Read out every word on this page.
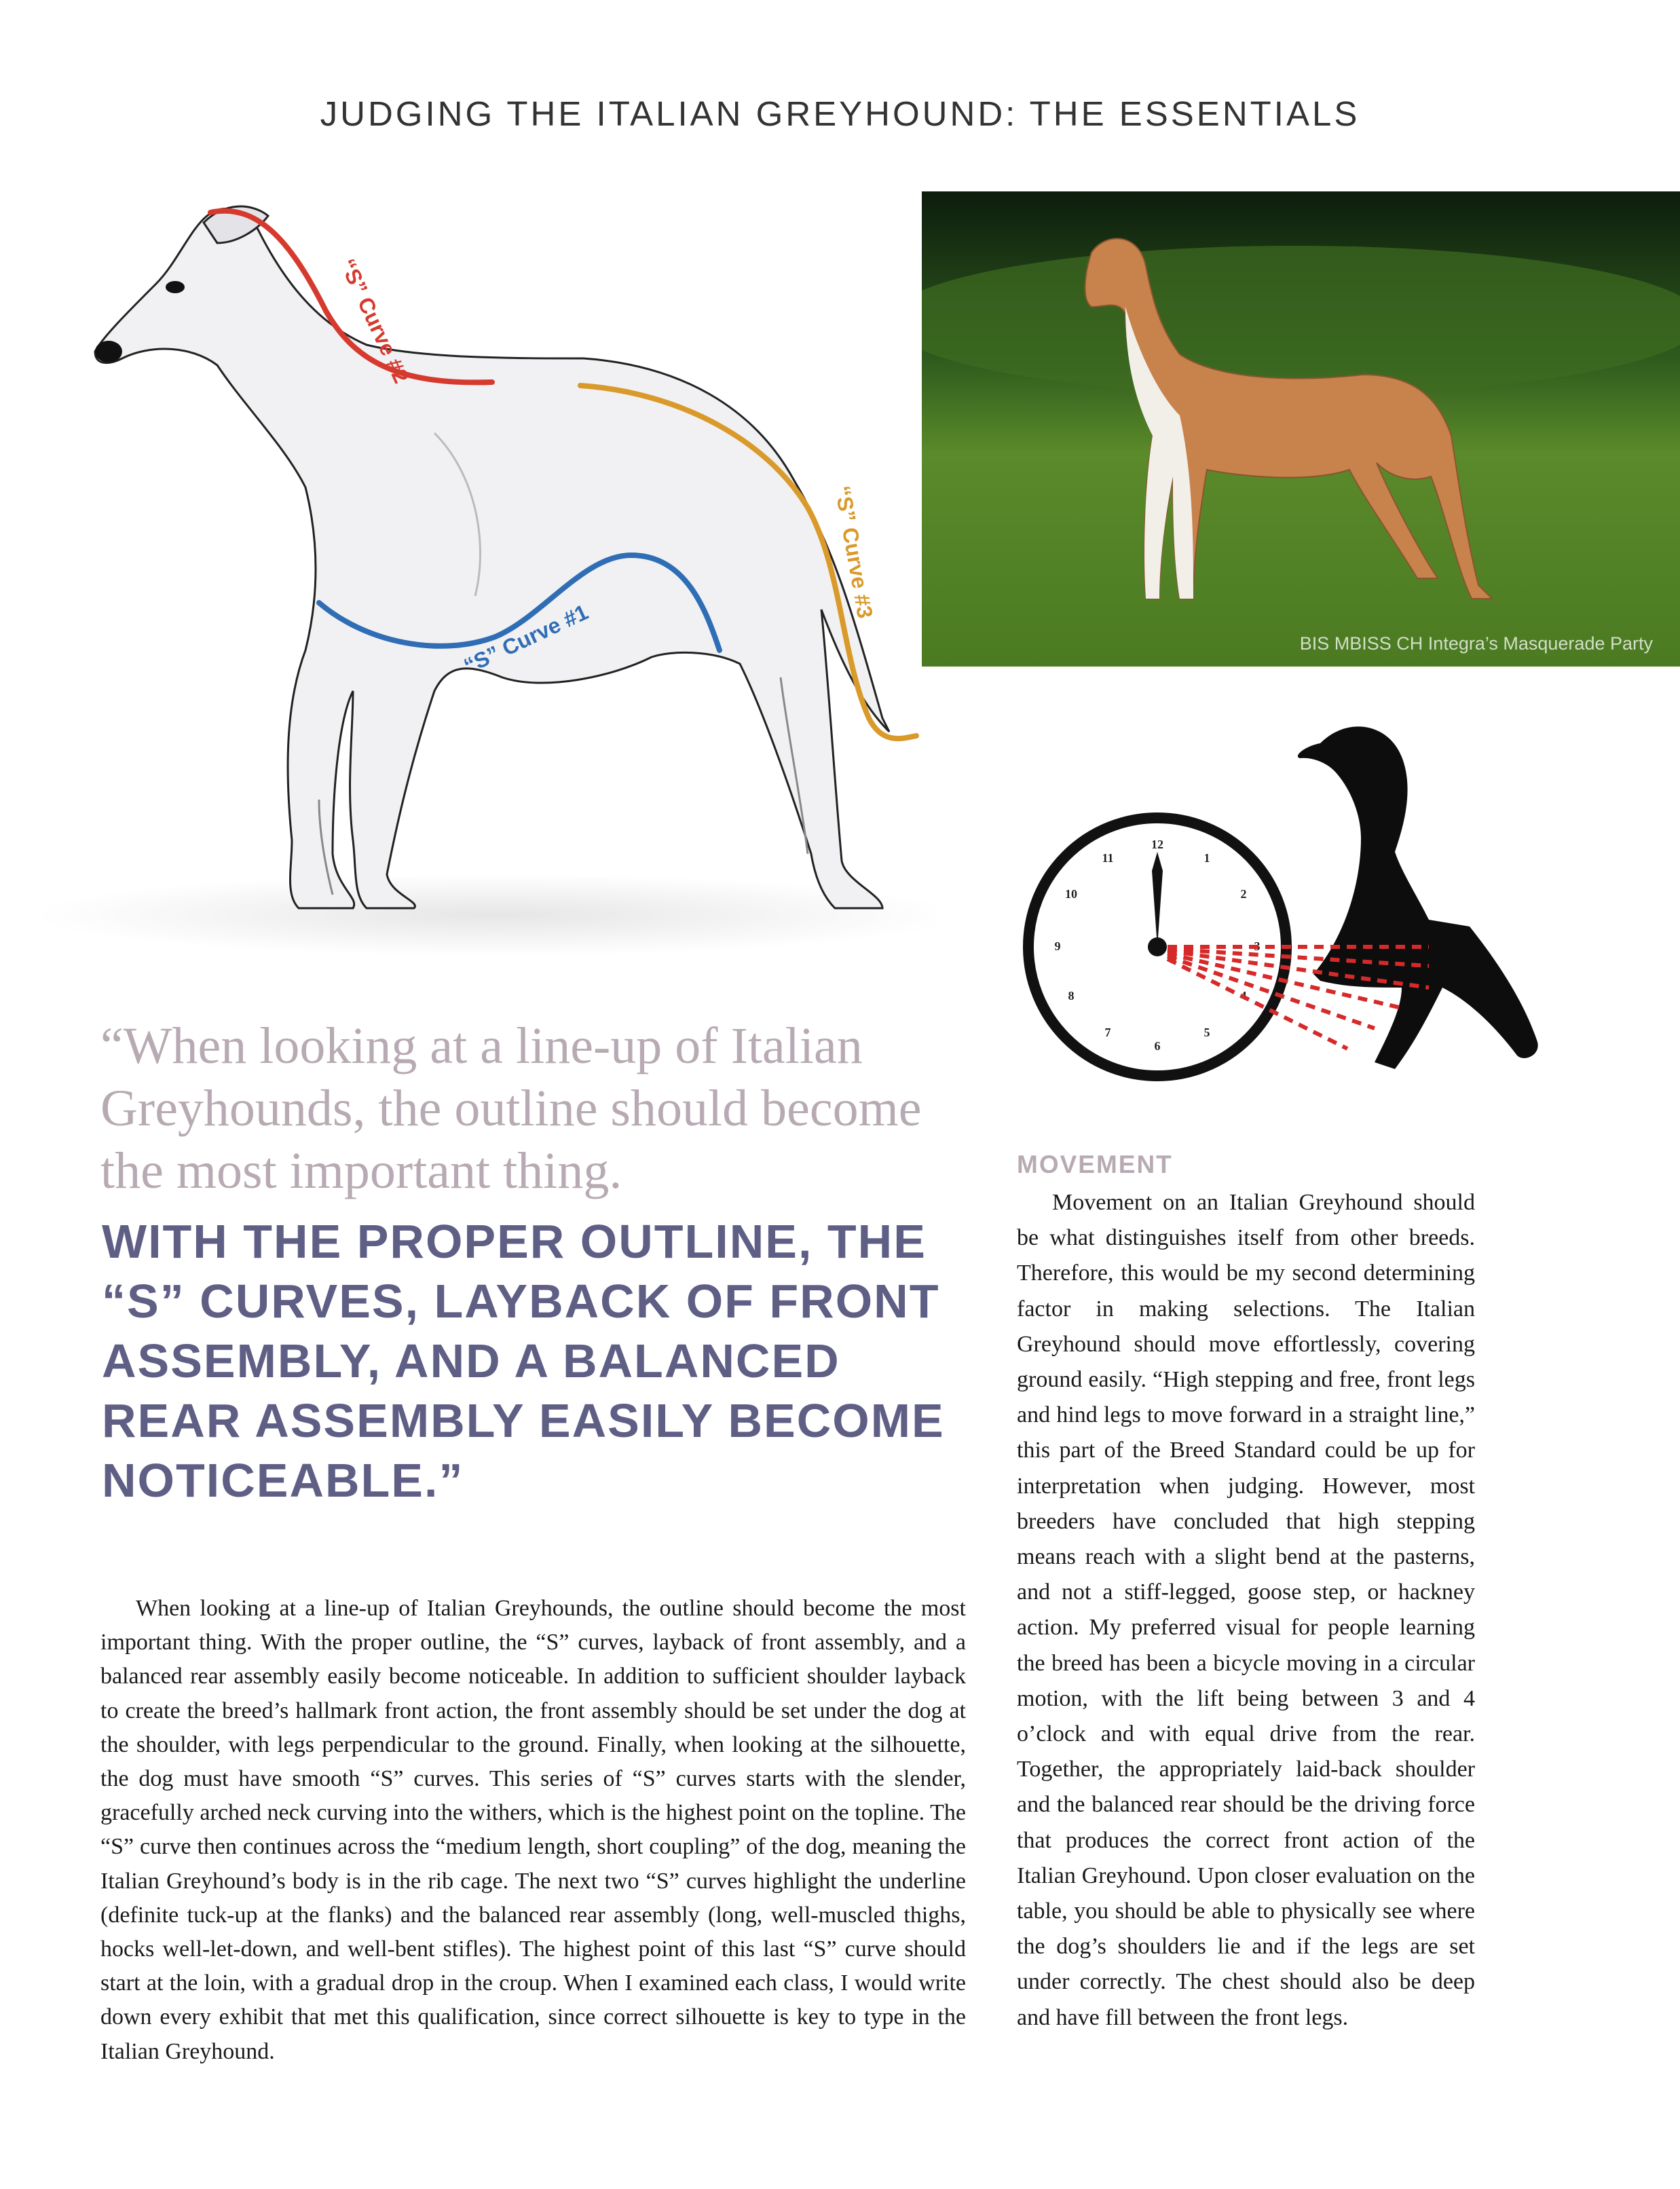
JUDGING THE ITALIAN GREYHOUND: THE ESSENTIALS
“S” Curve #2
“S” Curve #3
“S” Curve #1	BIS MBISS CH Integra’s Masquerade Party
12
1
2
3
4
5
6
7
8
9
10
11
“When looking at a line-up of Italian Greyhounds, the outline should become the most important thing.
WITH THE PROPER OUTLINE, THE “S” CURVES, LAYBACK OF FRONT ASSEMBLY, AND A BALANCED REAR ASSEMBLY EASILY BECOME NOTICEABLE.”

When looking at a line-up of Italian Greyhounds, the outline should become the most important thing. With the proper outline, the “S” curves, layback of front assembly, and a balanced rear assembly easily become noticeable. In addition to sufficient shoulder layback to create the breed’s hallmark front action, the front assembly should be set under the dog at the shoulder, with legs perpendicular to the ground. Finally, when looking at the silhouette, the dog must have smooth “S” curves. This series of “S” curves starts with the slender, gracefully arched neck curving into the withers, which is the highest point on the topline. The “S” curve then continues across the “medium length, short coupling” of the dog, meaning the Italian Greyhound’s body is in the rib cage. The next two “S” curves highlight the underline (definite tuck-up at the flanks) and the balanced rear assembly (long, well-muscled thighs, hocks well-let-down, and well-bent stifles). The highest point of this last “S” curve should start at the loin, with a gradual drop in the croup. When I examined each class, I would write down every exhibit that met this qualification, since correct silhouette is key to type in the Italian Greyhound.

MOVEMENT

Movement on an Italian Greyhound should be what distinguishes itself from other breeds. Therefore, this would be my second determining factor in making selections. The Italian Greyhound should move effortlessly, covering ground easily. “High stepping and free, front legs and hind legs to move forward in a straight line,” this part of the Breed Standard could be up for interpretation when judging. However, most breeders have concluded that high stepping means reach with a slight bend at the pasterns, and not a stiff-legged, goose step, or hackney action. My preferred visual for people learning the breed has been a bicycle moving in a circular motion, with the lift being between 3 and 4 o’clock and with equal drive from the rear. Together, the appropriately laid-back shoulder and the balanced rear should be the driving force that produces the correct front action of the Italian Greyhound. Upon closer evaluation on the table, you should be able to physically see where the dog’s shoulders lie and if the legs are set under correctly. The chest should also be deep and have fill between the front legs.
